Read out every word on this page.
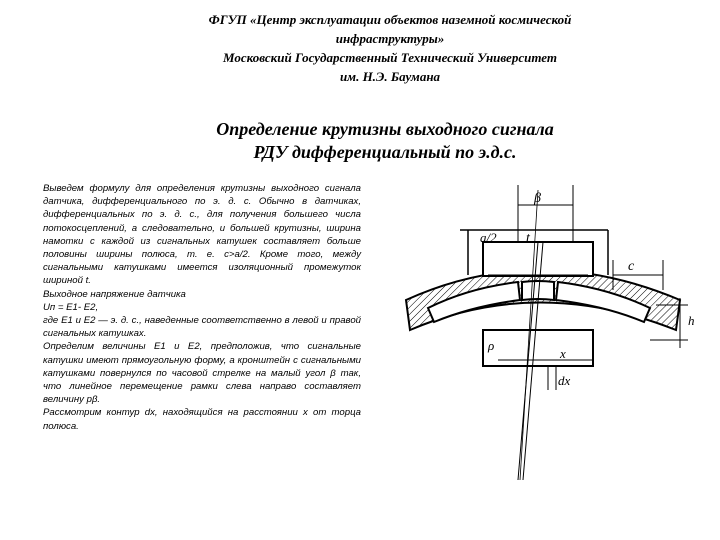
ФГУП «Центр эксплуатации объектов наземной космической
инфраструктуры»
Московский Государственный Технический Университет
им. Н.Э. Баумана
Определение крутизны выходного сигнала
РДУ дифференциальный по э.д.с.

Выведем формулу для определения крутизны выходного сигнала датчика, дифференциального по э. д. с. Обычно в датчиках, дифференциальных по э. д. с., для получения большего числа потокосцеплений, а следовательно, и большей крутизны, ширина намотки с каждой из сигнальных катушек составляет больше половины ширины полюса, т. е. с>а/2. Кроме того, между сигнальными катушками имеется изоляционный промежуток шириной t.

Выходное напряжение датчика

Uп = E1- E2,

где Е1 и Е2 — э. д. с., наведенные соответственно в левой и правой сигнальных катушках.

Определим величины Е1 и Е2, предположив, что сигнальные катушки имеют прямоугольную форму, а кронштейн с сигнальными катушками повернулся по часовой стрелке на малый угол β так, что линейное перемещение рамки слева направо составляет величину рβ.

Рассмотрим контур dx, находящийся на расстоянии x от торца полюса.

β
a/2 t
c
h
ρ
x
dx
